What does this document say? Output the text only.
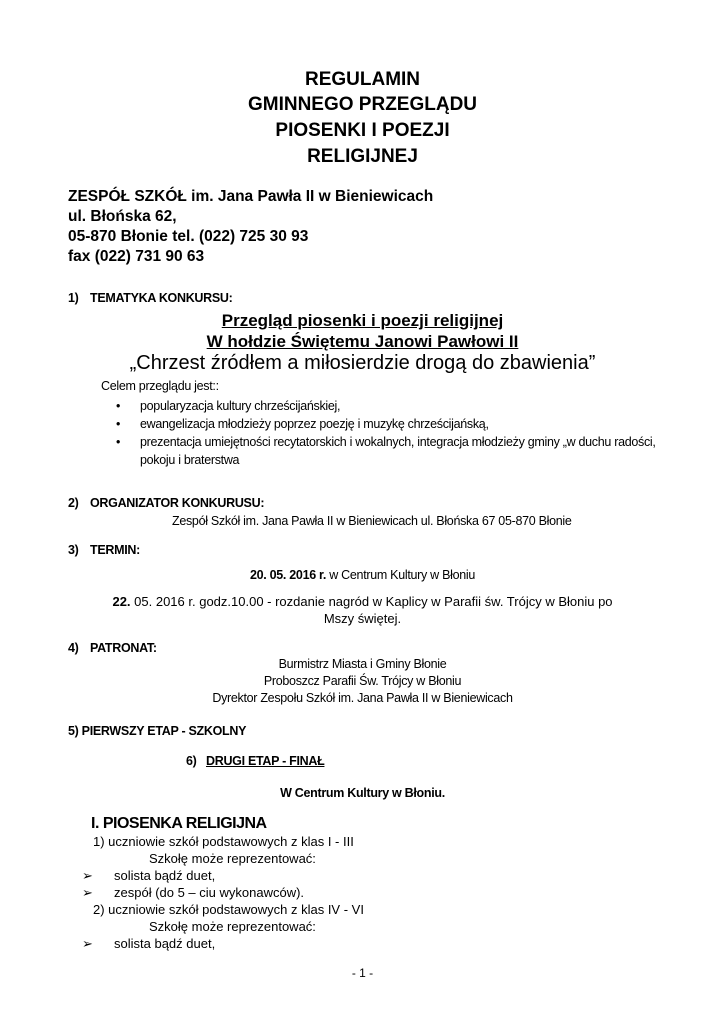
REGULAMIN
GMINNEGO PRZEGLĄDU
PIOSENKI I POEZJI
RELIGIJNEJ
ZESPÓŁ SZKÓŁ im. Jana Pawła II w Bieniewicach
ul. Błońska 62,
05-870 Błonie tel. (022) 725 30 93
fax (022) 731 90 63
1) TEMATYKA KONKURSU:
Przegląd piosenki i poezji religijnej
W hołdzie Świętemu Janowi Pawłowi II
„Chrzest źródłem a miłosierdzie drogą do zbawienia”
Celem przeglądu jest::
• popularyzacja kultury chrześcijańskiej,
• ewangelizacja młodzieży poprzez poezję i muzykę chrześcijańską,
• prezentacja umiejętności recytatorskich i wokalnych, integracja młodzieży gminy „w duchu radości, pokoju i braterstwa
2) ORGANIZATOR KONKURUSU:
Zespół Szkół im. Jana Pawła II w Bieniewicach ul. Błońska 67 05-870 Błonie
3) TERMIN:
20. 05. 2016 r. w Centrum Kultury w Błoniu
22. 05. 2016 r. godz.10.00 - rozdanie nagród w Kaplicy w Parafii św. Trójcy w Błoniu po
Mszy świętej.
4) PATRONAT:
Burmistrz Miasta i Gminy Błonie
Proboszcz Parafii Św. Trójcy w Błoniu
Dyrektor Zespołu Szkół im. Jana Pawła II w Bieniewicach
5) PIERWSZY ETAP - SZKOLNY
6) DRUGI ETAP - FINAŁ
W Centrum Kultury w Błoniu.
I. PIOSENKA RELIGIJNA
1) uczniowie szkół podstawowych z klas I - III
Szkołę może reprezentować:
➢ solista bądź duet,
➢ zespół (do 5 – ciu wykonawców).
2) uczniowie szkół podstawowych z klas IV - VI
Szkołę może reprezentować:
➢ solista bądź duet,
- 1 -
